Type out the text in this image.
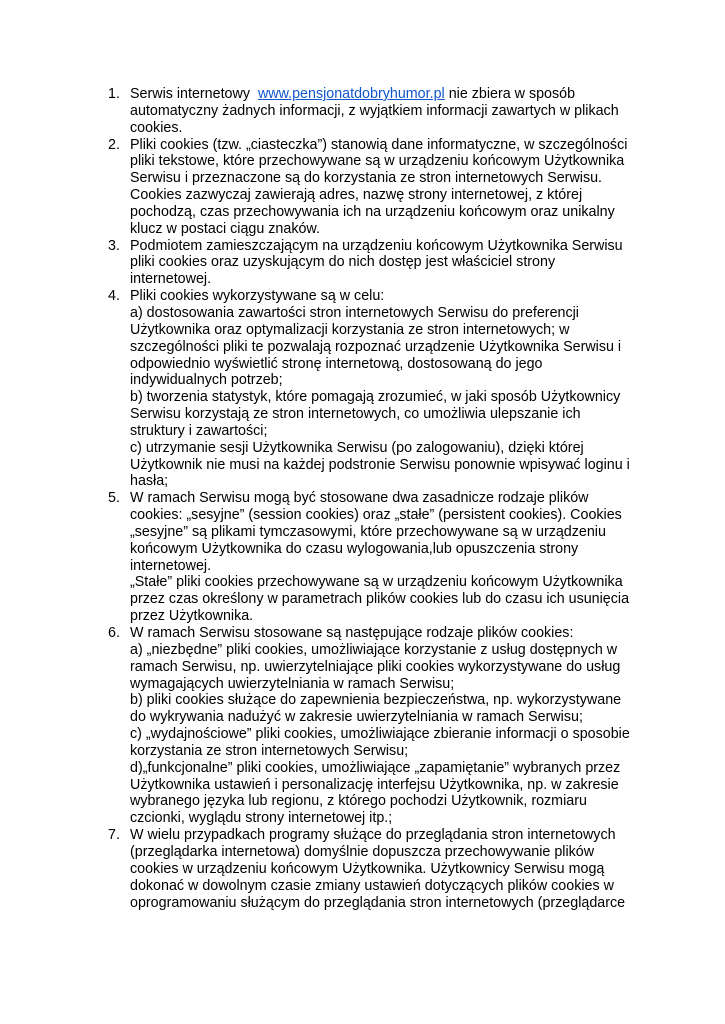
1. Serwis internetowy www.pensjonatdobryhumor.pl nie zbiera w sposób automatyczny żadnych informacji, z wyjątkiem informacji zawartych w plikach cookies.
2. Pliki cookies (tzw. „ciasteczka”) stanowią dane informatyczne, w szczególności pliki tekstowe, które przechowywane są w urządzeniu końcowym Użytkownika Serwisu i przeznaczone są do korzystania ze stron internetowych Serwisu.
Cookies zazwyczaj zawierają adres, nazwę strony internetowej, z której pochodzą, czas przechowywania ich na urządzeniu końcowym oraz unikalny klucz w postaci ciągu znaków.
3. Podmiotem zamieszczającym na urządzeniu końcowym Użytkownika Serwisu pliki cookies oraz uzyskującym do nich dostęp jest właściciel strony internetowej.
4. Pliki cookies wykorzystywane są w celu:
a) dostosowania zawartości stron internetowych Serwisu do preferencji Użytkownika oraz optymalizacji korzystania ze stron internetowych; w szczególności pliki te pozwalają rozpoznać urządzenie Użytkownika Serwisu i odpowiednio wyświetlić stronę internetową, dostosowaną do jego indywidualnych potrzeb;
b) tworzenia statystyk, które pomagają zrozumieć, w jaki sposób Użytkownicy Serwisu korzystają ze stron internetowych, co umożliwia ulepszanie ich struktury i zawartości;
c) utrzymanie sesji Użytkownika Serwisu (po zalogowaniu), dzięki której Użytkownik nie musi na każdej podstronie Serwisu ponownie wpisywać loginu i hasła;
5. W ramach Serwisu mogą być stosowane dwa zasadnicze rodzaje plików cookies: „sesyjne” (session cookies) oraz „stałe” (persistent cookies). Cookies „sesyjne” są plikami tymczasowymi, które przechowywane są w urządzeniu końcowym Użytkownika do czasu wylogowania,lub opuszczenia strony internetowej.
„Stałe” pliki cookies przechowywane są w urządzeniu końcowym Użytkownika przez czas określony w parametrach plików cookies lub do czasu ich usunięcia przez Użytkownika.
6. W ramach Serwisu stosowane są następujące rodzaje plików cookies:
a) „niezbędne” pliki cookies, umożliwiające korzystanie z usług dostępnych w ramach Serwisu, np. uwierzytelniające pliki cookies wykorzystywane do usług wymagających uwierzytelniania w ramach Serwisu;
b) pliki cookies służące do zapewnienia bezpieczeństwa, np. wykorzystywane do wykrywania nadużyć w zakresie uwierzytelniania w ramach Serwisu;
c) „wydajnościowe” pliki cookies, umożliwiające zbieranie informacji o sposobie korzystania ze stron internetowych Serwisu;
d)„funkcjonalne” pliki cookies, umożliwiające „zapamiętanie” wybranych przez Użytkownika ustawień i personalizację interfejsu Użytkownika, np. w zakresie wybranego języka lub regionu, z którego pochodzi Użytkownik, rozmiaru czcionki, wyglądu strony internetowej itp.;
7. W wielu przypadkach programy służące do przeglądania stron internetowych (przeglądarka internetowa) domyślnie dopuszcza przechowywanie plików cookies w urządzeniu końcowym Użytkownika. Użytkownicy Serwisu mogą dokonać w dowolnym czasie zmiany ustawień dotyczących plików cookies w oprogramowaniu służącym do przeglądania stron internetowych (przeglądarce
